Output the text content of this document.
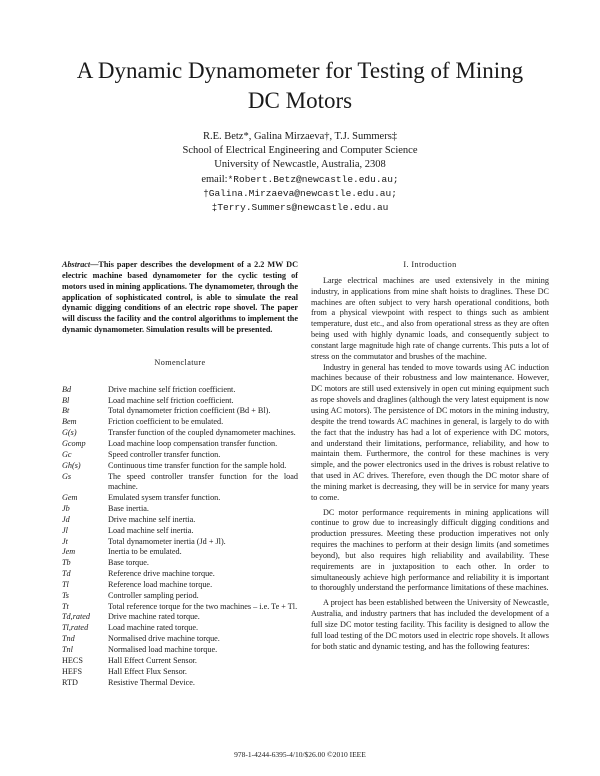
A Dynamic Dynamometer for Testing of Mining
DC Motors
R.E. Betz*, Galina Mirzaeva†, T.J. Summers‡
School of Electrical Engineering and Computer Science
University of Newcastle, Australia, 2308
email:*Robert.Betz@newcastle.edu.au;
†Galina.Mirzaeva@newcastle.edu.au;
‡Terry.Summers@newcastle.edu.au
Abstract—This paper describes the development of a 2.2 MW DC electric machine based dynamometer for the cyclic testing of motors used in mining applications. The dynamometer, through the application of sophisticated control, is able to simulate the real dynamic digging conditions of an electric rope shovel. The paper will discuss the facility and the control algorithms to implement the dynamic dynamometer. Simulation results will be presented.
Nomenclature
Bd	Drive machine self friction coefficient.
Bl	Load machine self friction coefficient.
Bt	Total dynamometer friction coefficient (Bd + Bl).
Bem	Friction coefficient to be emulated.
G(s)	Transfer function of the coupled dynamometer machines.
Gcomp	Load machine loop compensation transfer function.
Gc	Speed controller transfer function.
Gh(s)	Continuous time transfer function for the sample hold.
Gs	The speed controller transfer function for the load machine.
Gem	Emulated sysem transfer function.
Jb	Base inertia.
Jd	Drive machine self inertia.
Jl	Load machine self inertia.
Jt	Total dynamometer inertia (Jd + Jl).
Jem	Inertia to be emulated.
Tb	Base torque.
Td	Reference drive machine torque.
Tl	Reference load machine torque.
Ts	Controller sampling period.
Tt	Total reference torque for the two machines – i.e. Te + Tl.
Td,rated	Drive machine rated torque.
Tl,rated	Load machine rated torque.
Tnd	Normalised drive machine torque.
Tnl	Normalised load machine torque.
HECS	Hall Effect Current Sensor.
HEFS	Hall Effect Flux Sensor.
RTD	Resistive Thermal Device.
I. Introduction

Large electrical machines are used extensively in the mining industry, in applications from mine shaft hoists to draglines. These DC machines are often subject to very harsh operational conditions, both from a physical viewpoint with respect to things such as ambient temperature, dust etc., and also from operational stress as they are often being used with highly dynamic loads, and consequently subject to constant large magnitude high rate of change currents. This puts a lot of stress on the commutator and brushes of the machine.

Industry in general has tended to move towards using AC induction machines because of their robustness and low maintenance. However, DC motors are still used extensively in open cut mining equipment such as rope shovels and draglines (although the very latest equipment is now using AC motors). The persistence of DC motors in the mining industry, despite the trend towards AC machines in general, is largely to do with the fact that the industry has had a lot of experience with DC motors, and understand their limitations, performance, reliability, and how to maintain them. Furthermore, the control for these machines is very simple, and the power electronics used in the drives is robust relative to that used in AC drives. Therefore, even though the DC motor share of the mining market is decreasing, they will be in service for many years to come.

DC motor performance requirements in mining applications will continue to grow due to increasingly difficult digging conditions and production pressures. Meeting these production imperatives not only requires the machines to perform at their design limits (and sometimes beyond), but also requires high reliability and availability. These requirements are in juxtaposition to each other. In order to simultaneously achieve high performance and reliability it is important to thoroughly understand the performance limitations of these machines.

A project has been established between the University of Newcastle, Australia, and industry partners that has included the development of a full size DC motor testing facility. This facility is designed to allow the full load testing of the DC motors used in electric rope shovels. It allows for both static and dynamic testing, and has the following features:

978-1-4244-6395-4/10/$26.00 ©2010 IEEE
